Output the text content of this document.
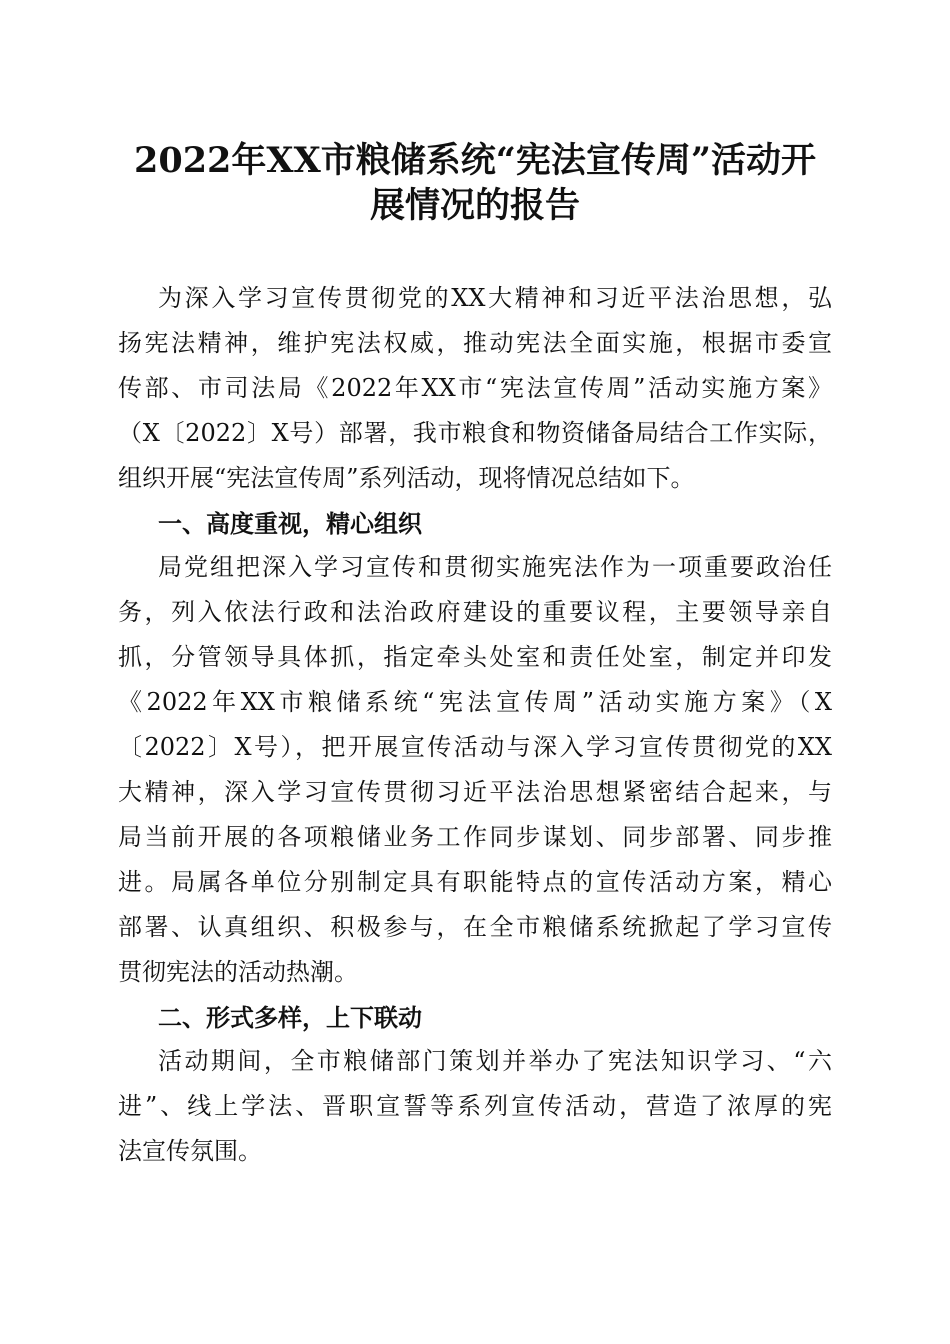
2022年XX市粮储系统“宪法宣传周”活动开
展情况的报告
为深入学习宣传贯彻党的XX大精神和习近平法治思想，弘
扬宪法精神，维护宪法权威，推动宪法全面实施，根据市委宣
传部、市司法局《2022年XX市“宪法宣传周”活动实施方案》
（X〔2022〕X号）部署，我市粮食和物资储备局结合工作实际，
组织开展“宪法宣传周”系列活动，现将情况总结如下。
一、高度重视，精心组织
局党组把深入学习宣传和贯彻实施宪法作为一项重要政治任
务，列入依法行政和法治政府建设的重要议程，主要领导亲自
抓，分管领导具体抓，指定牵头处室和责任处室，制定并印发
《2022年XX市粮储系统“宪法宣传周”活动实施方案》（X
〔2022〕X号），把开展宣传活动与深入学习宣传贯彻党的XX
大精神，深入学习宣传贯彻习近平法治思想紧密结合起来，与
局当前开展的各项粮储业务工作同步谋划、同步部署、同步推
进。局属各单位分别制定具有职能特点的宣传活动方案，精心
部署、认真组织、积极参与，在全市粮储系统掀起了学习宣传
贯彻宪法的活动热潮。
二、形式多样，上下联动
活动期间，全市粮储部门策划并举办了宪法知识学习、“六
进”、线上学法、晋职宣誓等系列宣传活动，营造了浓厚的宪
法宣传氛围。
